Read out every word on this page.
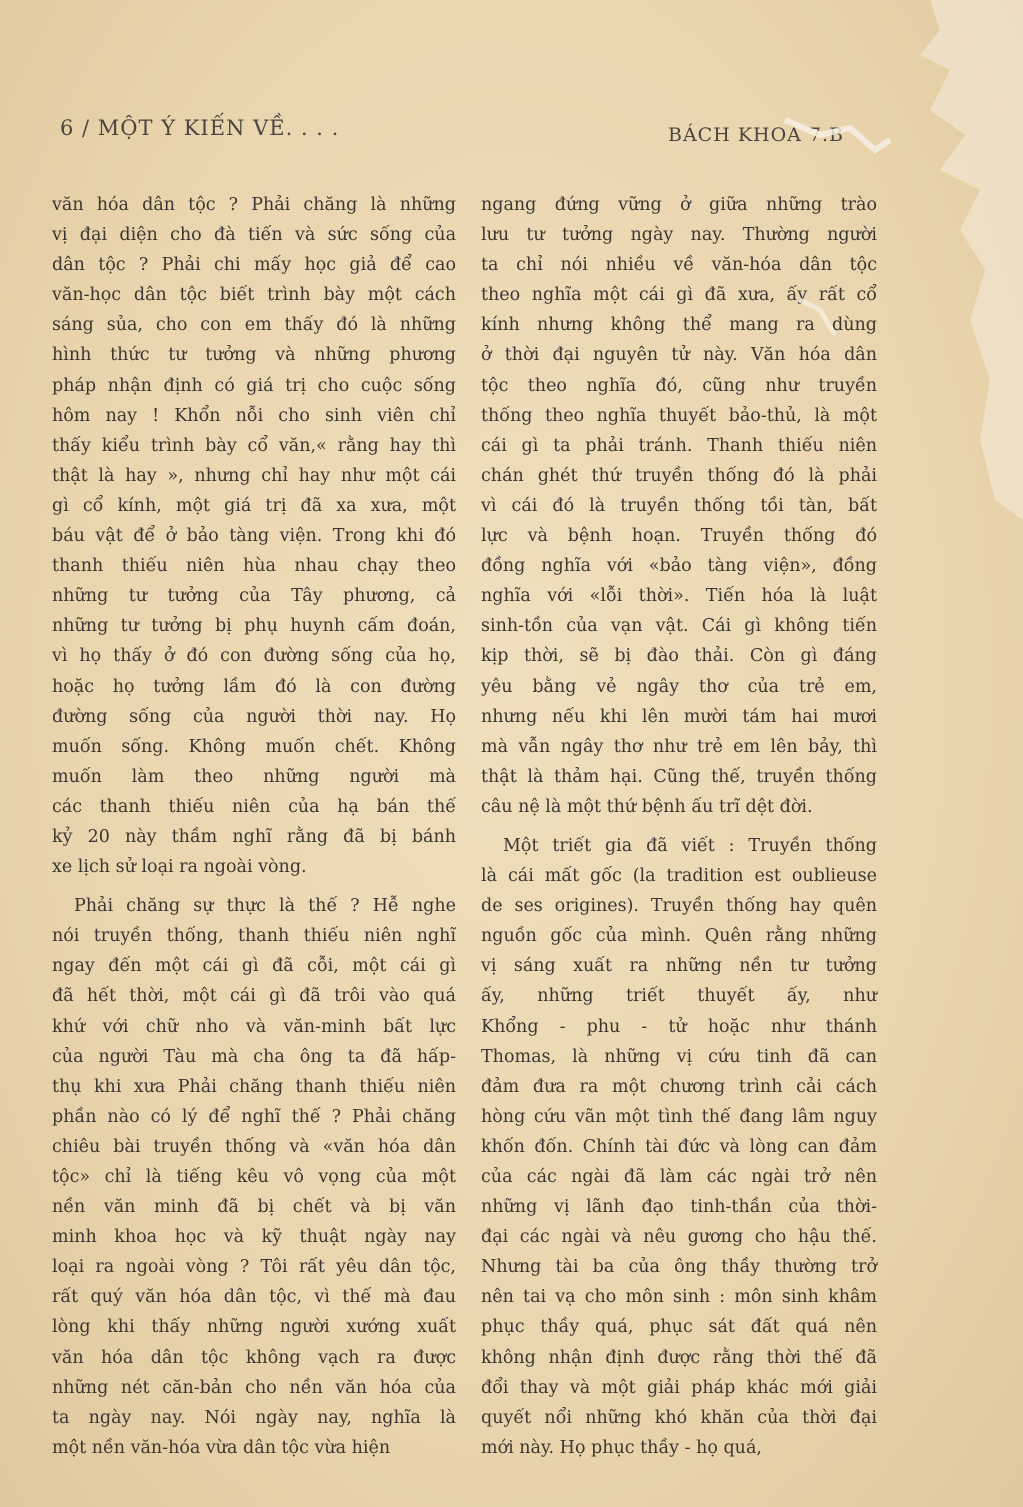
6 / MỘT Ý KIẾN VỀ. . . .	BÁCH KHOA 7.B
văn hóa dân tộc ? Phải chăng là những
vị đại diện cho đà tiến và sức sống của
dân tộc ? Phải chi mấy học giả để cao
văn-học dân tộc biết trình bày một cách
sáng sủa, cho con em thấy đó là những
hình thức tư tưởng và những phương
pháp nhận định có giá trị cho cuộc sống
hôm nay ! Khổn nỗi cho sinh viên chỉ
thấy kiểu trình bày cổ văn,« rằng hay thì
thật là hay », nhưng chỉ hay như một cái
gì cổ kính, một giá trị đã xa xưa, một
báu vật để ở bảo tàng viện. Trong khi đó
thanh thiếu niên hùa nhau chạy theo
những tư tưởng của Tây phương, cả
những tư tưởng bị phụ huynh cấm đoán,
vì họ thấy ở đó con đường sống của họ,
hoặc họ tưởng lầm đó là con đường
đường sống của người thời nay. Họ
muốn sống. Không muốn chết. Không
muốn làm theo những người mà
các thanh thiếu niên của hạ bán thế
kỷ 20 này thầm nghĩ rằng đã bị bánh
xe lịch sử loại ra ngoài vòng.
Phải chăng sự thực là thế ? Hễ nghe
nói truyền thống, thanh thiếu niên nghĩ
ngay đến một cái gì đã cỗi, một cái gì
đã hết thời, một cái gì đã trôi vào quá
khứ với chữ nho và văn-minh bất lực
của người Tàu mà cha ông ta đã hấp-
thụ khi xưa Phải chăng thanh thiếu niên
phần nào có lý để nghĩ thế ? Phải chăng
chiêu bài truyền thống và «văn hóa dân
tộc» chỉ là tiếng kêu vô vọng của một
nền văn minh đã bị chết và bị văn
minh khoa học và kỹ thuật ngày nay
loại ra ngoài vòng ? Tôi rất yêu dân tộc,
rất quý văn hóa dân tộc, vì thế mà đau
lòng khi thấy những người xướng xuất
văn hóa dân tộc không vạch ra được
những nét căn-bản cho nền văn hóa của
ta ngày nay. Nói ngày nay, nghĩa là
một nền văn-hóa vừa dân tộc vừa hiện
ngang đứng vững ở giữa những trào
lưu tư tưởng ngày nay. Thường người
ta chỉ nói nhiều về văn-hóa dân tộc
theo nghĩa một cái gì đã xưa, ấy rất cổ
kính nhưng không thể mang ra dùng
ở thời đại nguyên tử này. Văn hóa dân
tộc theo nghĩa đó, cũng như truyền
thống theo nghĩa thuyết bảo-thủ, là một
cái gì ta phải tránh. Thanh thiếu niên
chán ghét thứ truyền thống đó là phải
vì cái đó là truyền thống tồi tàn, bất
lực và bệnh hoạn. Truyền thống đó
đồng nghĩa với «bảo tàng viện», đồng
nghĩa với «lỗi thời». Tiến hóa là luật
sinh-tồn của vạn vật. Cái gì không tiến
kịp thời, sẽ bị đào thải. Còn gì đáng
yêu bằng vẻ ngây thơ của trẻ em,
nhưng nếu khi lên mười tám hai mươi
mà vẫn ngây thơ như trẻ em lên bảy, thì
thật là thảm hại. Cũng thế, truyền thống
câu nệ là một thứ bệnh ấu trĩ dệt đời.
Một triết gia đã viết : Truyền thống
là cái mất gốc (la tradition est oublieuse
de ses origines). Truyền thống hay quên
nguồn gốc của mình. Quên rằng những
vị sáng xuất ra những nền tư tưởng
ấy, những triết thuyết ấy, như
Khổng - phu - tử hoặc như thánh
Thomas, là những vị cứu tinh đã can
đảm đưa ra một chương trình cải cách
hòng cứu vãn một tình thế đang lâm nguy
khốn đốn. Chính tài đức và lòng can đảm
của các ngài đã làm các ngài trở nên
những vị lãnh đạo tinh-thần của thời-
đại các ngài và nêu gương cho hậu thế.
Nhưng tài ba của ông thầy thường trở
nên tai vạ cho môn sinh : môn sinh khâm
phục thầy quá, phục sát đất quá nên
không nhận định được rằng thời thế đã
đổi thay và một giải pháp khác mới giải
quyết nổi những khó khăn của thời đại
mới này. Họ phục thầy - họ quá,
